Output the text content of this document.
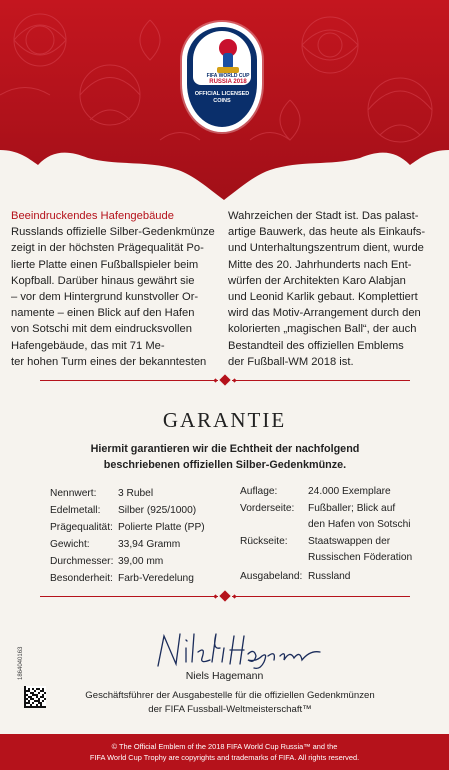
FIFA WORLD CUP
RUSSIA 2018
OFFICIAL LICENSED COINS
Beeindruckendes Hafengebäude
Russlands offizielle Silber-Gedenkmünze
zeigt in der höchsten Prägequalität Po-
lierte Platte einen Fußballspieler beim
Kopfball. Darüber hinaus gewährt sie
– vor dem Hintergrund kunstvoller Or-
namente – einen Blick auf den Hafen
von Sotschi mit dem eindrucksvollen
Hafengebäude, das mit 71 Me-
ter hohen Turm eines der bekanntesten
Wahrzeichen der Stadt ist. Das palast-
artige Bauwerk, das heute als Einkaufs-
und Unterhaltungszentrum dient, wurde
Mitte des 20. Jahrhunderts nach Ent-
würfen der Architekten Karo Alabjan
und Leonid Karlik gebaut. Komplettiert
wird das Motiv-Arrangement durch den
kolorierten „magischen Ball“, der auch
Bestandteil des offiziellen Emblems
der Fußball-WM 2018 ist.
GARANTIE
Hiermit garantieren wir die Echtheit der nachfolgend
beschriebenen offiziellen Silber-Gedenkmünze.
Nennwert: 3 Rubel
Edelmetall: Silber (925/1000)
Prägequalität: Polierte Platte (PP)
Gewicht:	33,94 Gramm
Durchmesser: 39,00 mm
Besonderheit: Farb-Veredelung
Auflage:	24.000 Exemplare
Vorderseite: Fußballer; Blick auf
den Hafen von Sotschi
Rückseite: Staatswappen der
Russischen Föderation
Ausgabeland: Russland
Niels Hagemann
Geschäftsführer der Ausgabestelle für die offiziellen Gedenkmünzen
der FIFA Fussball-Weltmeisterschaft™
1864040163
© The Official Emblem of the 2018 FIFA World Cup Russia™ and the
FIFA World Cup Trophy are copyrights and trademarks of FIFA. All rights reserved.
